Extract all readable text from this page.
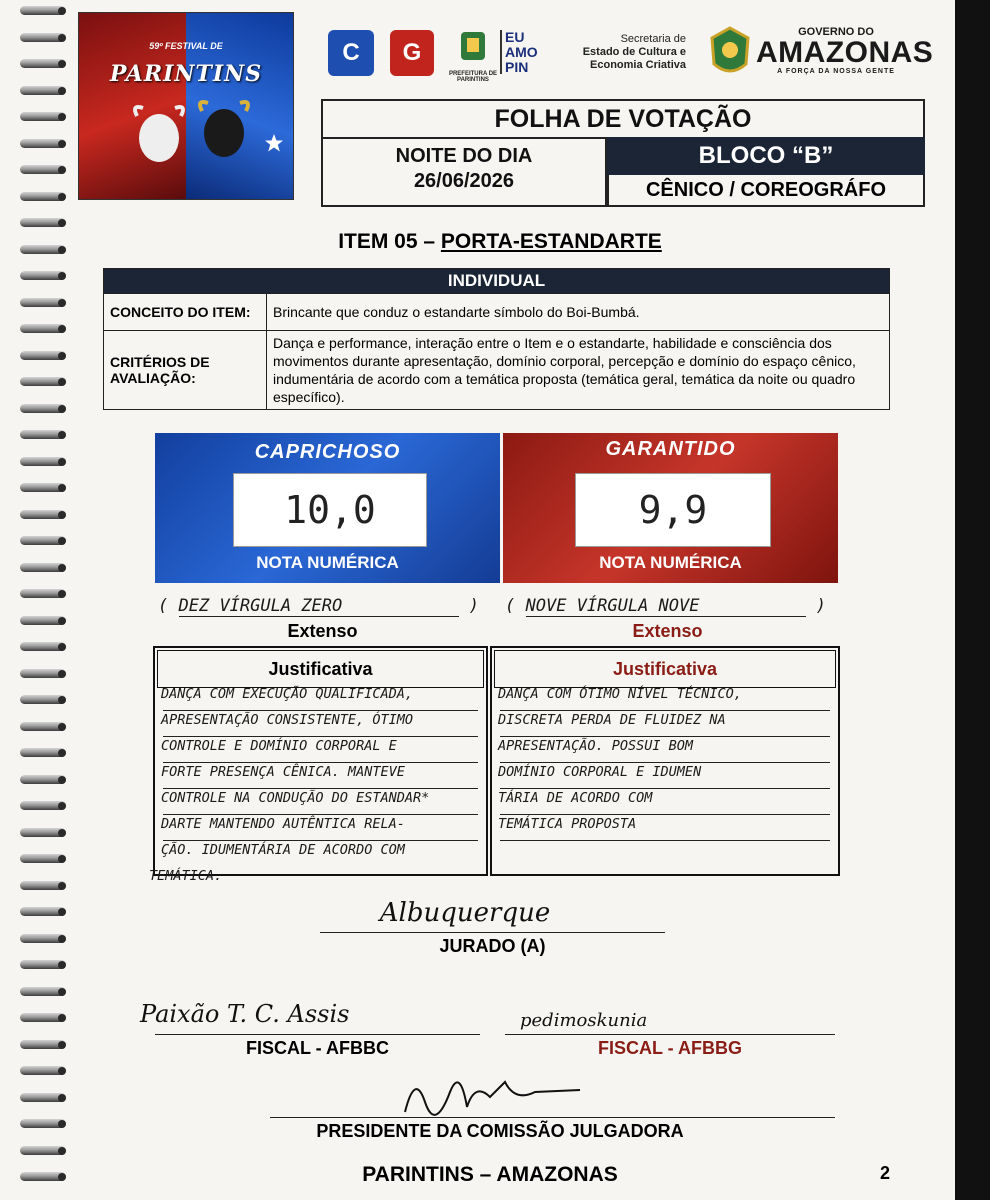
59º FESTIVAL DE
PARINTINS
C	G
PREFEITURA DE PARINTINS
EU AMO PIN
Secretaria de
Estado de Cultura e
Economia Criativa
GOVERNO DO
AMAZONAS
A FORÇA DA NOSSA GENTE
FOLHA DE VOTAÇÃO
NOITE DO DIA
26/06/2026
BLOCO “B”
CÊNICO / COREOGRÁFO
ITEM 05 – PORTA-ESTANDARTE
INDIVIDUAL	
CONCEITO DO ITEM:	Brincante que conduz o estandarte símbolo do Boi-Bumbá.
CRITÉRIOS DE AVALIAÇÃO:	Dança e performance, interação entre o Item e o estandarte, habilidade e consciência dos movimentos durante apresentação, domínio corporal, percepção e domínio do espaço cênico, indumentária de acordo com a temática proposta (temática geral, temática da noite ou quadro específico).
CAPRICHOSO
10,0
NOTA NUMÉRICA
GARANTIDO
9,9
NOTA NUMÉRICA
( DEZ VÍRGULA ZERO	)
Extenso
( NOVE VÍRGULA NOVE	)
Extenso
Justificativa	Justificativa
Albuquerque
JURADO (A)
Paixão T. C. Assis
FISCAL - AFBBC
pedimoskunia
FISCAL - AFBBG
PRESIDENTE DA COMISSÃO JULGADORA
PARINTINS – AMAZONAS	2
DANÇA COM EXECUÇÃO QUALIFICADA,
APRESENTAÇÃO CONSISTENTE, ÓTIMO
CONTROLE E DOMÍNIO CORPORAL E
FORTE PRESENÇA CÊNICA. MANTEVE
CONTROLE NA CONDUÇÃO DO ESTANDAR*
DARTE MANTENDO AUTÊNTICA RELA-
ÇÃO. IDUMENTÁRIA DE ACORDO COM
TEMÁTICA.
DANÇA COM ÓTIMO NÍVEL TÉCNICO,
DISCRETA PERDA DE FLUIDEZ NA
APRESENTAÇÃO. POSSUI BOM
DOMÍNIO CORPORAL E IDUMEN
TÁRIA DE ACORDO COM
TEMÁTICA PROPOSTA
